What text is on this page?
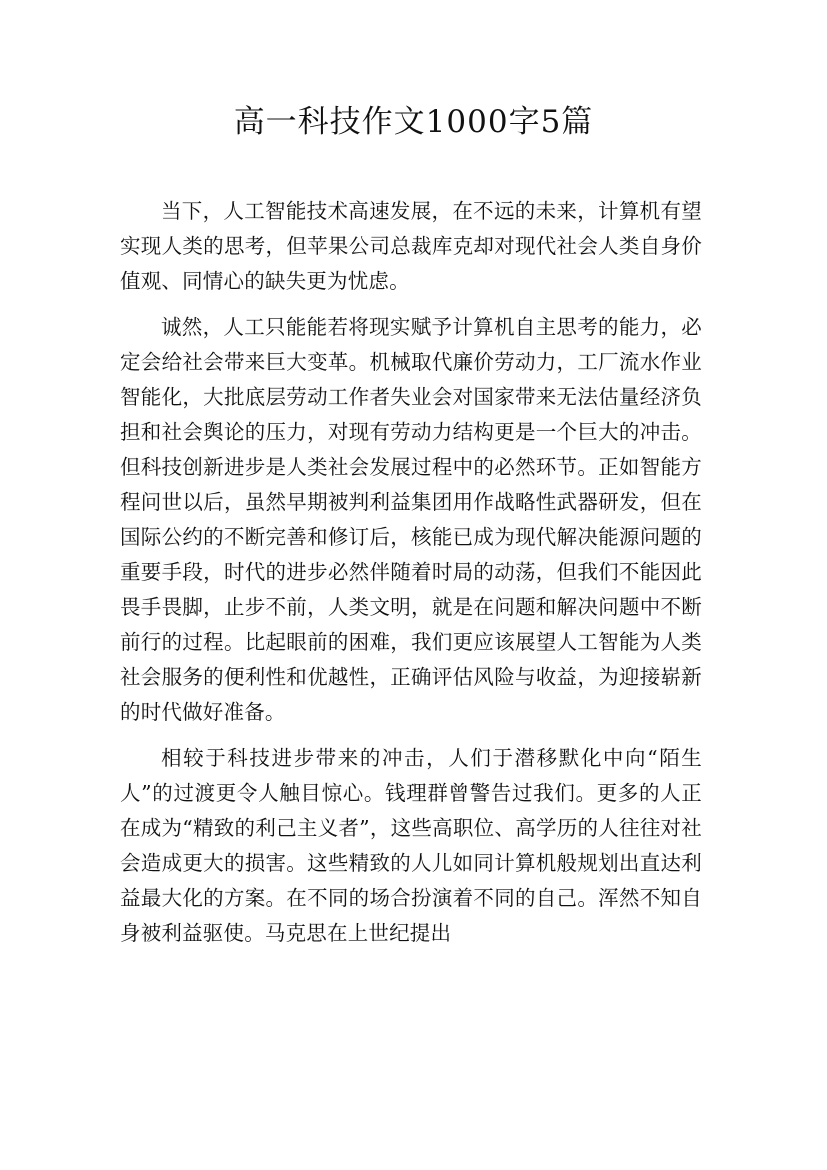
高一科技作文1000字5篇

当下，人工智能技术高速发展，在不远的未来，计算机有望实现人类的思考，但苹果公司总裁库克却对现代社会人类自身价值观、同情心的缺失更为忧虑。

诚然，人工只能能若将现实赋予计算机自主思考的能力，必定会给社会带来巨大变革。机械取代廉价劳动力，工厂流水作业智能化，大批底层劳动工作者失业会对国家带来无法估量经济负担和社会舆论的压力，对现有劳动力结构更是一个巨大的冲击。但科技创新进步是人类社会发展过程中的必然环节。正如智能方程问世以后，虽然早期被判利益集团用作战略性武器研发，但在国际公约的不断完善和修订后，核能已成为现代解决能源问题的重要手段，时代的进步必然伴随着时局的动荡，但我们不能因此畏手畏脚，止步不前，人类文明，就是在问题和解决问题中不断前行的过程。比起眼前的困难，我们更应该展望人工智能为人类社会服务的便利性和优越性，正确评估风险与收益，为迎接崭新的时代做好准备。

相较于科技进步带来的冲击，人们于潜移默化中向“陌生人”的过渡更令人触目惊心。钱理群曾警告过我们。更多的人正在成为“精致的利己主义者”，这些高职位、高学历的人往往对社会造成更大的损害。这些精致的人儿如同计算机般规划出直达利益最大化的方案。在不同的场合扮演着不同的自己。浑然不知自身被利益驱使。马克思在上世纪提出
